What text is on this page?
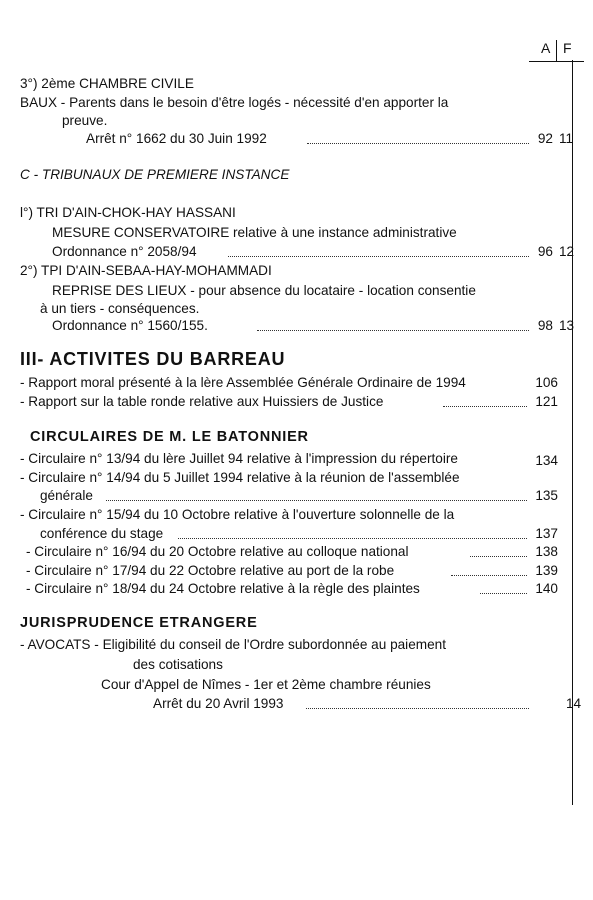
A F
3°) 2ème CHAMBRE CIVILE
BAUX - Parents dans le besoin d'être logés - nécessité d'en apporter la
preuve.
Arrêt n° 1662 du 30 Juin 1992	92 11
C - TRIBUNAUX DE PREMIERE INSTANCE
l°) TRI D'AIN-CHOK-HAY HASSANI
MESURE CONSERVATOIRE relative à une instance administrative
Ordonnance n° 2058/94	96 12
2°) TPI D'AIN-SEBAA-HAY-MOHAMMADI
REPRISE DES LIEUX - pour absence du locataire - location consentie
à un tiers - conséquences.
Ordonnance n° 1560/155.	98 13
III- ACTIVITES DU BARREAU
- Rapport moral présenté à la lère Assemblée Générale Ordinaire de 1994	106
- Rapport sur la table ronde relative aux Huissiers de Justice	121
CIRCULAIRES DE M. LE BATONNIER
- Circulaire n° 13/94 du lère Juillet 94 relative à l'impression du répertoire	134
- Circulaire n° 14/94 du 5 Juillet 1994 relative à la réunion de l'assemblée
générale	135
- Circulaire n° 15/94 du 10 Octobre relative à l'ouverture solonnelle de la
conférence du stage	137
- Circulaire n° 16/94 du 20 Octobre relative au colloque national	138
- Circulaire n° 17/94 du 22 Octobre relative au port de la robe	139
- Circulaire n° 18/94 du 24 Octobre relative à la règle des plaintes	140
JURISPRUDENCE ETRANGERE
- AVOCATS - Eligibilité du conseil de l'Ordre subordonnée au paiement
des cotisations
Cour d'Appel de Nîmes - 1er et 2ème chambre réunies
Arrêt du 20 Avril 1993	14
